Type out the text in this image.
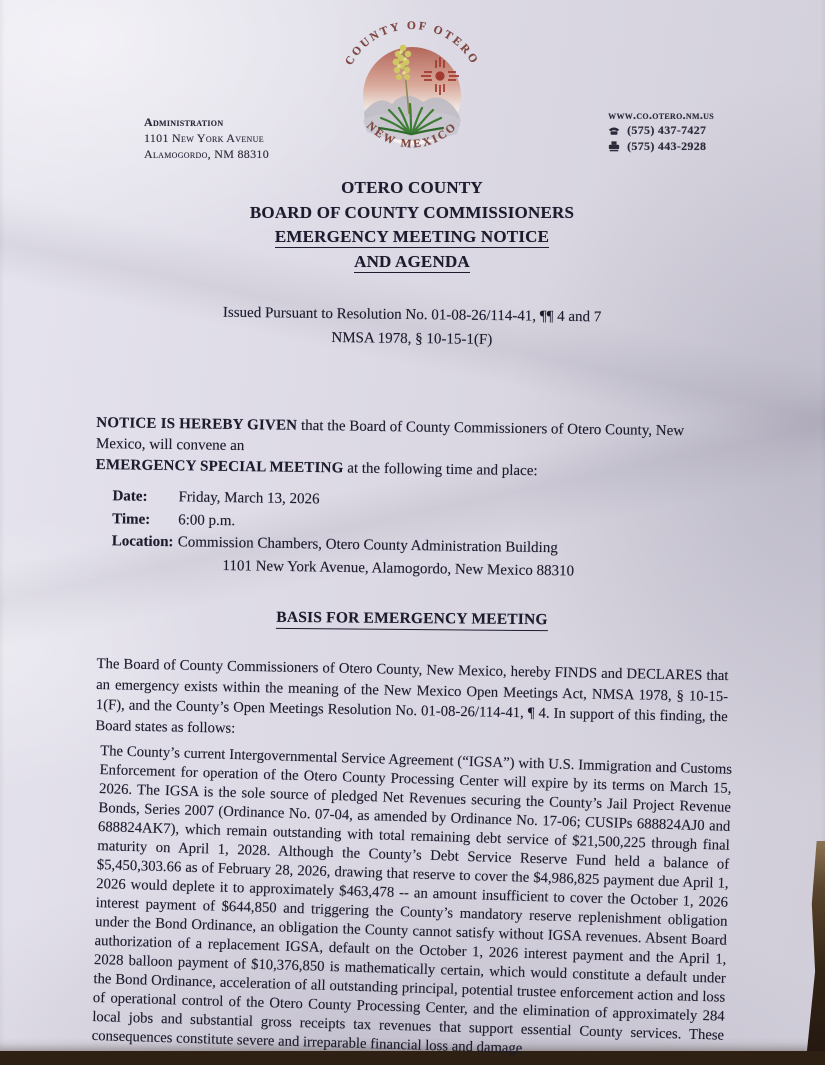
Administration
1101 New York Avenue
Alamogordo, NM 88310
COUNTY OF OTERO
NEW MEXICO
www.co.otero.nm.us
(575) 437-7427
(575) 443-2928
OTERO COUNTY
BOARD OF COUNTY COMMISSIONERS
EMERGENCY MEETING NOTICE
AND AGENDA
Issued Pursuant to Resolution No. 01-08-26/114-41, ¶¶ 4 and 7
NMSA 1978, § 10-15-1(F)
NOTICE IS HEREBY GIVEN that the Board of County Commissioners of Otero County, New Mexico, will convene an
EMERGENCY SPECIAL MEETING at the following time and place:
Date:	Friday, March 13, 2026
Time:	6:00 p.m.
Location: Commission Chambers, Otero County Administration Building
1101 New York Avenue, Alamogordo, New Mexico 88310
BASIS FOR EMERGENCY MEETING

The Board of County Commissioners of Otero County, New Mexico, hereby FINDS and DECLARES that an emergency exists within the meaning of the New Mexico Open Meetings Act, NMSA 1978, § 10-15-1(F), and the County’s Open Meetings Resolution No. 01-08-26/114-41, ¶ 4. In support of this finding, the Board states as follows:

The County’s current Intergovernmental Service Agreement (“IGSA”) with U.S. Immigration and Customs Enforcement for operation of the Otero County Processing Center will expire by its terms on March 15, 2026. The IGSA is the sole source of pledged Net Revenues securing the County’s Jail Project Revenue Bonds, Series 2007 (Ordinance No. 07-04, as amended by Ordinance No. 17-06; CUSIPs 688824AJ0 and 688824AK7), which remain outstanding with total remaining debt service of $21,500,225 through final maturity on April 1, 2028. Although the County’s Debt Service Reserve Fund held a balance of $5,450,303.66 as of February 28, 2026, drawing that reserve to cover the $4,986,825 payment due April 1, 2026 would deplete it to approximately $463,478 -- an amount insufficient to cover the October 1, 2026 interest payment of $644,850 and triggering the County’s mandatory reserve replenishment obligation under the Bond Ordinance, an obligation the County cannot satisfy without IGSA revenues. Absent Board authorization of a replacement IGSA, default on the October 1, 2026 interest payment and the April 1, 2028 balloon payment of $10,376,850 is mathematically certain, which would constitute a default under the Bond Ordinance, acceleration of all outstanding principal, potential trustee enforcement action and loss of operational control of the Otero County Processing Center, and the elimination of approximately 284 local jobs and substantial gross receipts tax revenues that support essential County services. These consequences constitute severe and irreparable financial loss and damage
